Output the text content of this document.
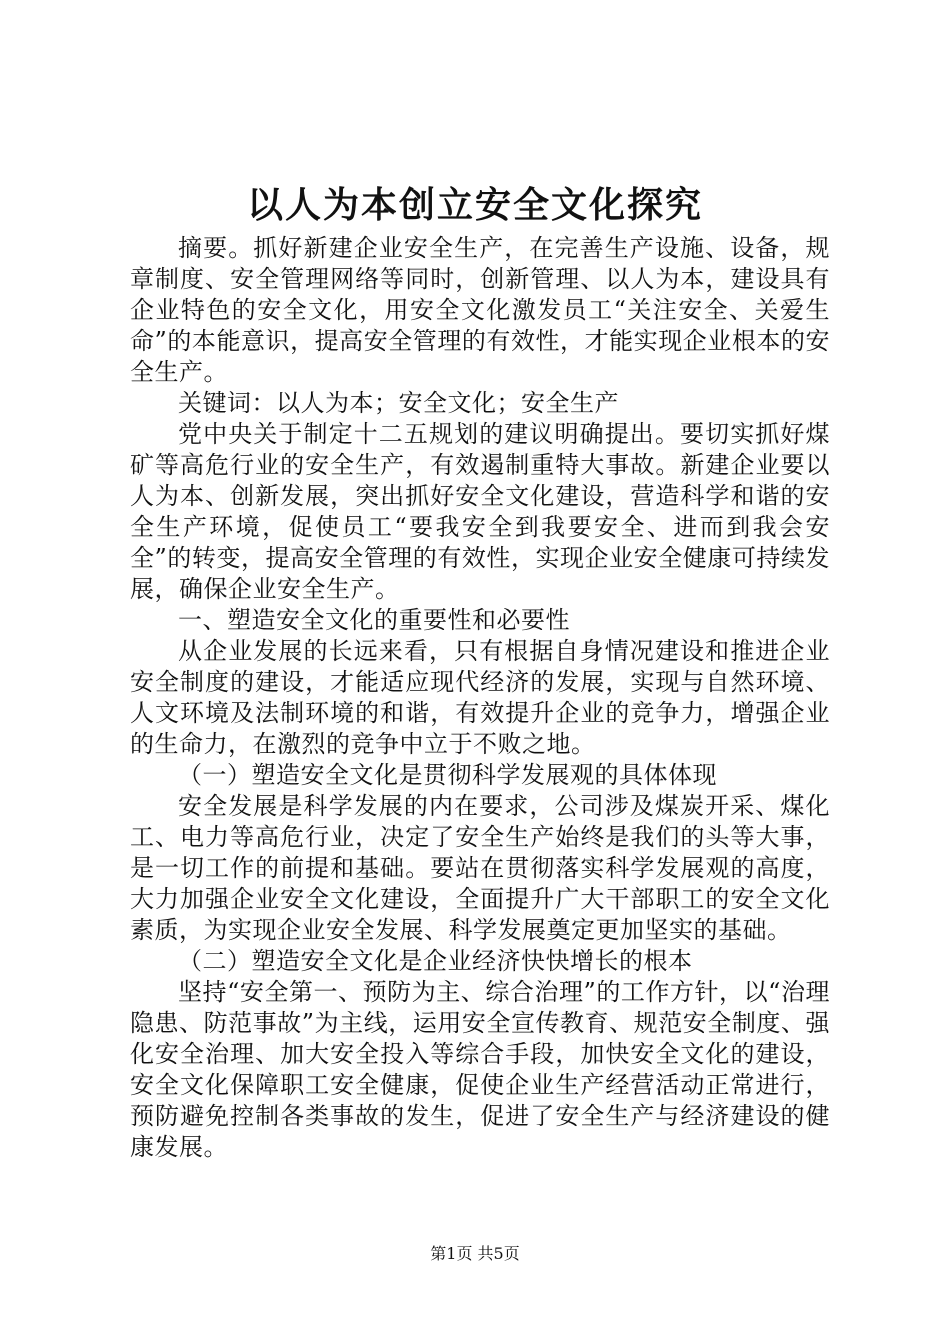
以人为本创立安全文化探究

摘要。抓好新建企业安全生产，在完善生产设施、设备，规章制度、安全管理网络等同时，创新管理、以人为本，建设具有企业特色的安全文化，用安全文化激发员工“关注安全、关爱生命”的本能意识，提高安全管理的有效性，才能实现企业根本的安全生产。

关键词：以人为本；安全文化；安全生产

党中央关于制定十二五规划的建议明确提出。要切实抓好煤矿等高危行业的安全生产，有效遏制重特大事故。新建企业要以人为本、创新发展，突出抓好安全文化建设，营造科学和谐的安全生产环境，促使员工“要我安全到我要安全、进而到我会安全”的转变，提高安全管理的有效性，实现企业安全健康可持续发展，确保企业安全生产。

一、塑造安全文化的重要性和必要性

从企业发展的长远来看，只有根据自身情况建设和推进企业安全制度的建设，才能适应现代经济的发展，实现与自然环境、人文环境及法制环境的和谐，有效提升企业的竞争力，增强企业的生命力，在激烈的竞争中立于不败之地。

（一）塑造安全文化是贯彻科学发展观的具体体现

安全发展是科学发展的内在要求，公司涉及煤炭开采、煤化工、电力等高危行业，决定了安全生产始终是我们的头等大事，是一切工作的前提和基础。要站在贯彻落实科学发展观的高度，大力加强企业安全文化建设，全面提升广大干部职工的安全文化素质，为实现企业安全发展、科学发展奠定更加坚实的基础。

（二）塑造安全文化是企业经济快快增长的根本

坚持“安全第一、预防为主、综合治理”的工作方针，以“治理隐患、防范事故”为主线，运用安全宣传教育、规范安全制度、强化安全治理、加大安全投入等综合手段，加快安全文化的建设，安全文化保障职工安全健康，促使企业生产经营活动正常进行，预防避免控制各类事故的发生，促进了安全生产与经济建设的健康发展。

第1页 共5页
